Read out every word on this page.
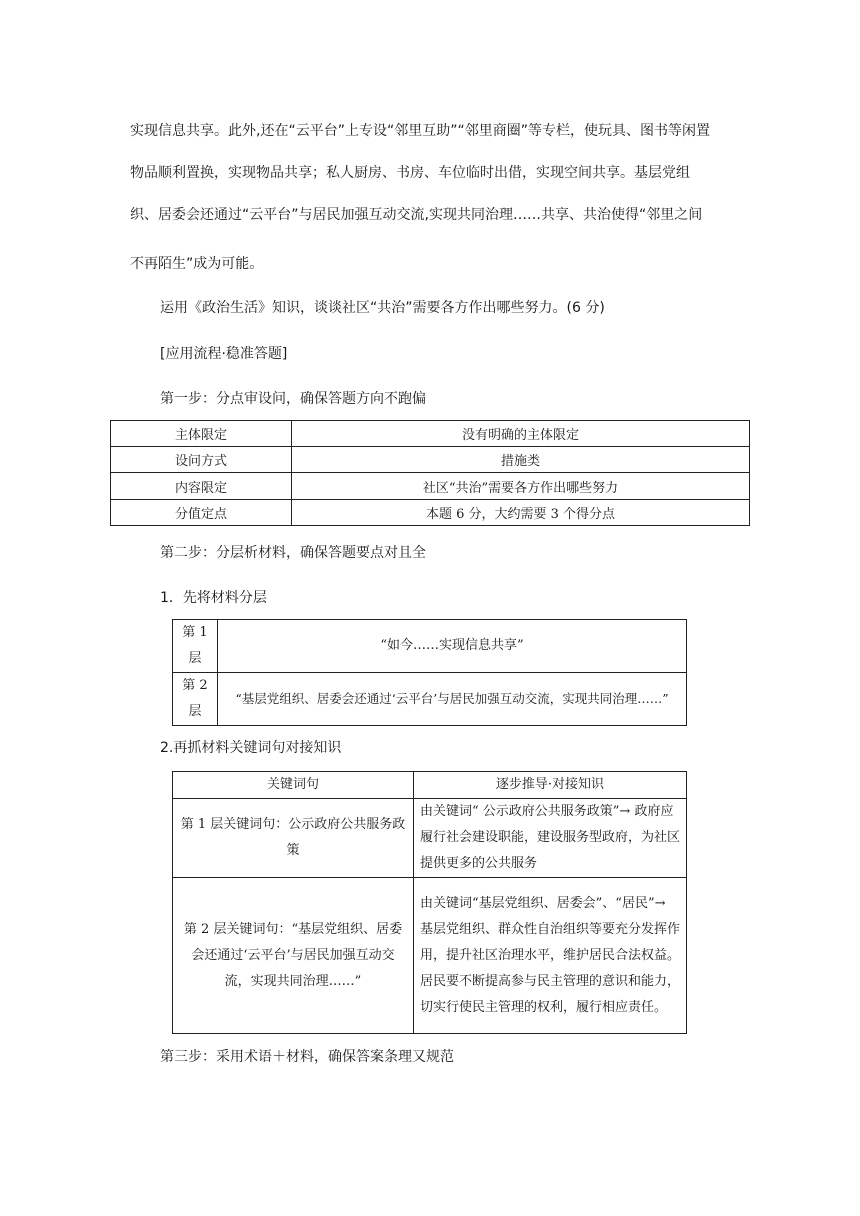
实现信息共享。此外,还在“云平台”上专设“邻里互助”“邻里商圈”等专栏，使玩具、图书等闲置

物品顺利置换，实现物品共享；私人厨房、书房、车位临时出借，实现空间共享。基层党组

织、居委会还通过“云平台”与居民加强互动交流,实现共同治理……共享、共治使得“邻里之间

不再陌生”成为可能。

运用《政治生活》知识，谈谈社区“共治”需要各方作出哪些努力。(6 分)

[应用流程·稳准答题]

第一步：分点审设问，确保答题方向不跑偏

主体限定	没有明确的主体限定
设问方式	措施类
内容限定	社区“共治”需要各方作出哪些努力
分值定点	本题 6 分，大约需要 3 个得分点

第二步：分层析材料，确保答题要点对且全

1．先将材料分层

第 1 层	“如今……实现信息共享”
第 2 层	“基层党组织、居委会还通过‘云平台’与居民加强互动交流，实现共同治理……”

2.再抓材料关键词句对接知识

关键词句	逐步推导·对接知识
第 1 层关键词句：公示政府公共服务政策	由关键词“ 公示政府公共服务政策”→ 政府应履行社会建设职能，建设服务型政府，为社区提供更多的公共服务
第 2 层关键词句：“基层党组织、居委会还通过‘云平台’与居民加强互动交流，实现共同治理……”	由关键词“基层党组织、居委会”、“居民”→ 基层党组织、群众性自治组织等要充分发挥作用，提升社区治理水平，维护居民合法权益。居民要不断提高参与民主管理的意识和能力，切实行使民主管理的权利，履行相应责任。

第三步：采用术语＋材料，确保答案条理又规范
